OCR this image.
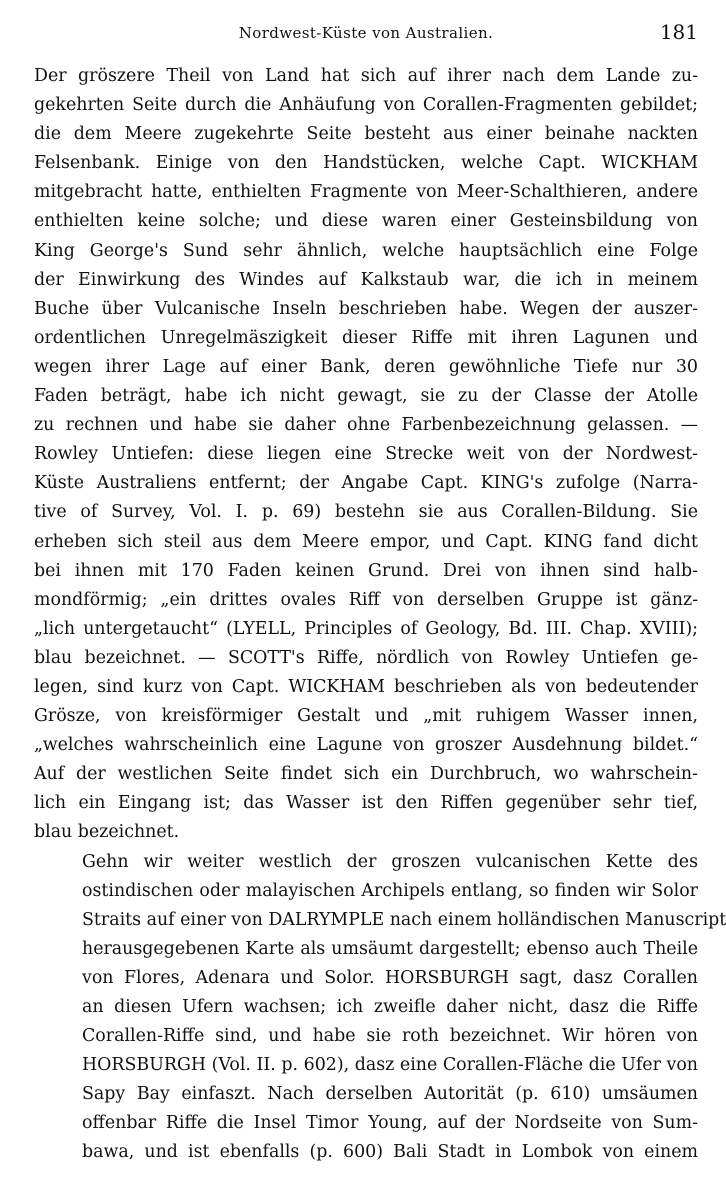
Nordwest-Küste von Australien.	181

Der gröszere Theil von Land hat sich auf ihrer nach dem Lande zu-
gekehrten Seite durch die Anhäufung von Corallen-Fragmenten gebildet;
die dem Meere zugekehrte Seite besteht aus einer beinahe nackten
Felsenbank. Einige von den Handstücken, welche Capt. WICKHAM
mitgebracht hatte, enthielten Fragmente von Meer-Schalthieren, andere
enthielten keine solche; und diese waren einer Gesteinsbildung von
King George's Sund sehr ähnlich, welche hauptsächlich eine Folge
der Einwirkung des Windes auf Kalkstaub war, die ich in meinem
Buche über Vulcanische Inseln beschrieben habe. Wegen der auszer-
ordentlichen Unregelmäszigkeit dieser Riffe mit ihren Lagunen und
wegen ihrer Lage auf einer Bank, deren gewöhnliche Tiefe nur 30
Faden beträgt, habe ich nicht gewagt, sie zu der Classe der Atolle
zu rechnen und habe sie daher ohne Farbenbezeichnung gelassen. —
Rowley Untiefen: diese liegen eine Strecke weit von der Nordwest-
Küste Australiens entfernt; der Angabe Capt. KING's zufolge (Narra-
tive of Survey, Vol. I. p. 69) bestehn sie aus Corallen-Bildung. Sie
erheben sich steil aus dem Meere empor, und Capt. KING fand dicht
bei ihnen mit 170 Faden keinen Grund. Drei von ihnen sind halb-
mondförmig; „ein drittes ovales Riff von derselben Gruppe ist gänz-
„lich untergetaucht“ (LYELL, Principles of Geology, Bd. III. Chap. XVIII);
blau bezeichnet. — SCOTT's Riffe, nördlich von Rowley Untiefen ge-
legen, sind kurz von Capt. WICKHAM beschrieben als von bedeutender
Grösze, von kreisförmiger Gestalt und „mit ruhigem Wasser innen,
„welches wahrscheinlich eine Lagune von groszer Ausdehnung bildet.“
Auf der westlichen Seite findet sich ein Durchbruch, wo wahrschein-
lich ein Eingang ist; das Wasser ist den Riffen gegenüber sehr tief,
blau bezeichnet.

Gehn wir weiter westlich der groszen vulcanischen Kette des
ostindischen oder malayischen Archipels entlang, so finden wir Solor
Straits auf einer von DALRYMPLE nach einem holländischen Manuscript
herausgegebenen Karte als umsäumt dargestellt; ebenso auch Theile
von Flores, Adenara und Solor. HORSBURGH sagt, dasz Corallen
an diesen Ufern wachsen; ich zweifle daher nicht, dasz die Riffe
Corallen-Riffe sind, und habe sie roth bezeichnet. Wir hören von
HORSBURGH (Vol. II. p. 602), dasz eine Corallen-Fläche die Ufer von
Sapy Bay einfaszt. Nach derselben Autorität (p. 610) umsäumen
offenbar Riffe die Insel Timor Young, auf der Nordseite von Sum-
bawa, und ist ebenfalls (p. 600) Bali Stadt in Lombok von einem
